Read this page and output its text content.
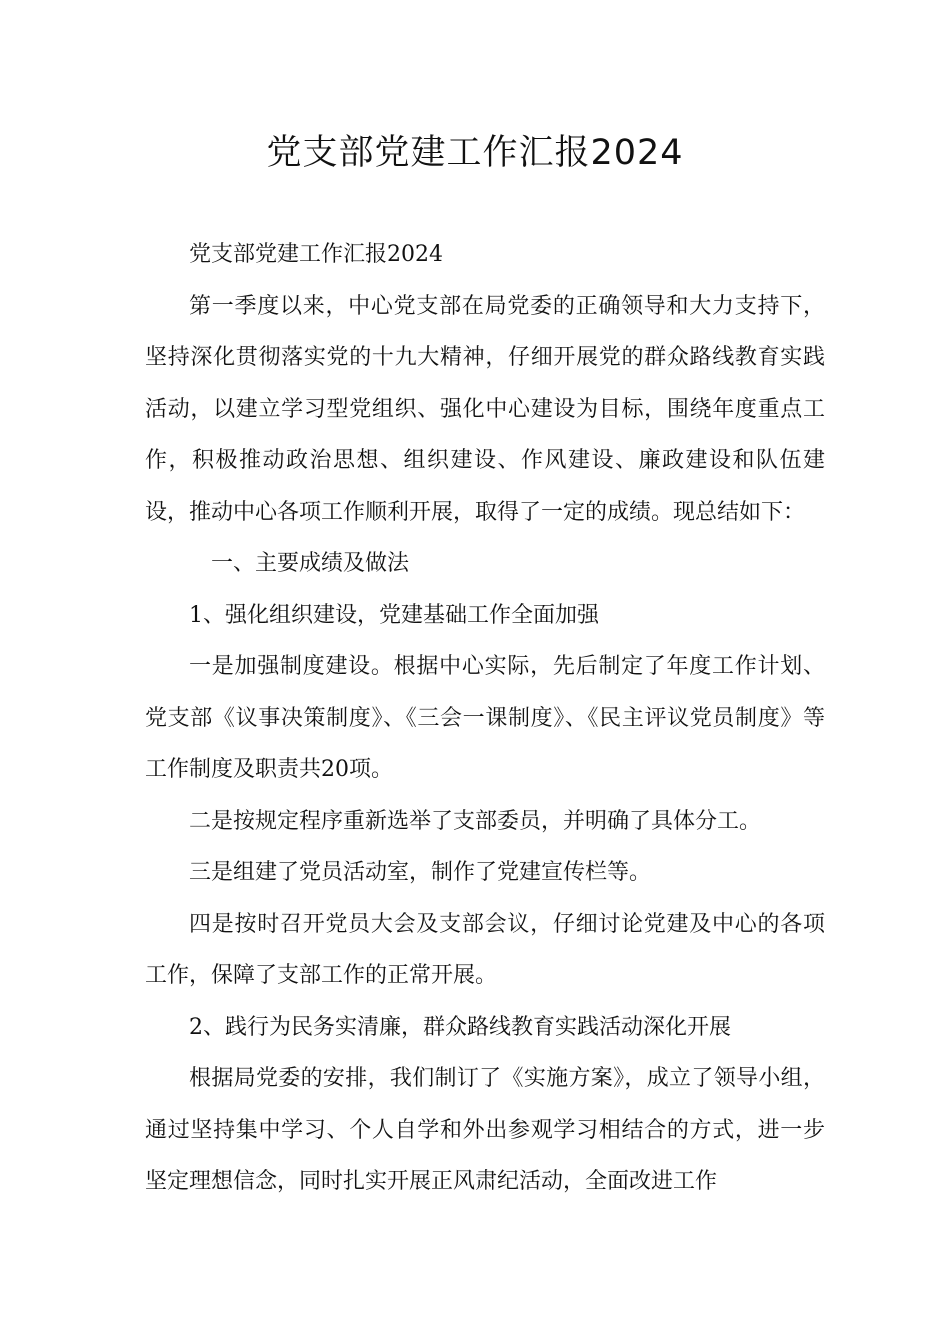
党支部党建工作汇报2024

党支部党建工作汇报2024

第一季度以来，中心党支部在局党委的正确领导和大力支持下，坚持深化贯彻落实党的十九大精神，仔细开展党的群众路线教育实践活动，以建立学习型党组织、强化中心建设为目标，围绕年度重点工作，积极推动政治思想、组织建设、作风建设、廉政建设和队伍建设，推动中心各项工作顺利开展，取得了一定的成绩。现总结如下：

一、主要成绩及做法

1、强化组织建设，党建基础工作全面加强

一是加强制度建设。根据中心实际，先后制定了年度工作计划、党支部《议事决策制度》、《三会一课制度》、《民主评议党员制度》等工作制度及职责共20项。

二是按规定程序重新选举了支部委员，并明确了具体分工。

三是组建了党员活动室，制作了党建宣传栏等。

四是按时召开党员大会及支部会议，仔细讨论党建及中心的各项工作，保障了支部工作的正常开展。

2、践行为民务实清廉，群众路线教育实践活动深化开展

根据局党委的安排，我们制订了《实施方案》，成立了领导小组，通过坚持集中学习、个人自学和外出参观学习相结合的方式，进一步坚定理想信念，同时扎实开展正风肃纪活动，全面改进工作
